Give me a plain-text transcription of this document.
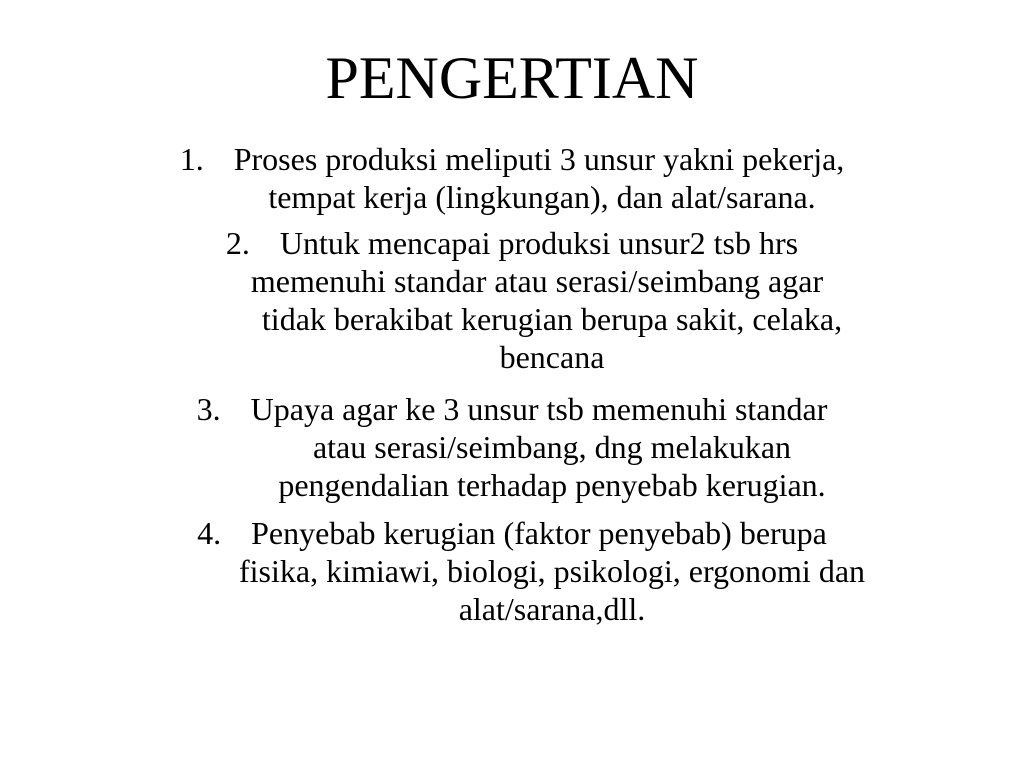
PENGERTIAN
1. Proses produksi meliputi 3 unsur yakni pekerja,
tempat kerja (lingkungan), dan alat/sarana.
2. Untuk mencapai produksi unsur2 tsb hrs
memenuhi standar atau serasi/seimbang agar
tidak berakibat kerugian berupa sakit, celaka,
bencana
3. Upaya agar ke 3 unsur tsb memenuhi standar
atau serasi/seimbang, dng melakukan
pengendalian terhadap penyebab kerugian.
4. Penyebab kerugian (faktor penyebab) berupa
fisika, kimiawi, biologi, psikologi, ergonomi dan
alat/sarana,dll.
